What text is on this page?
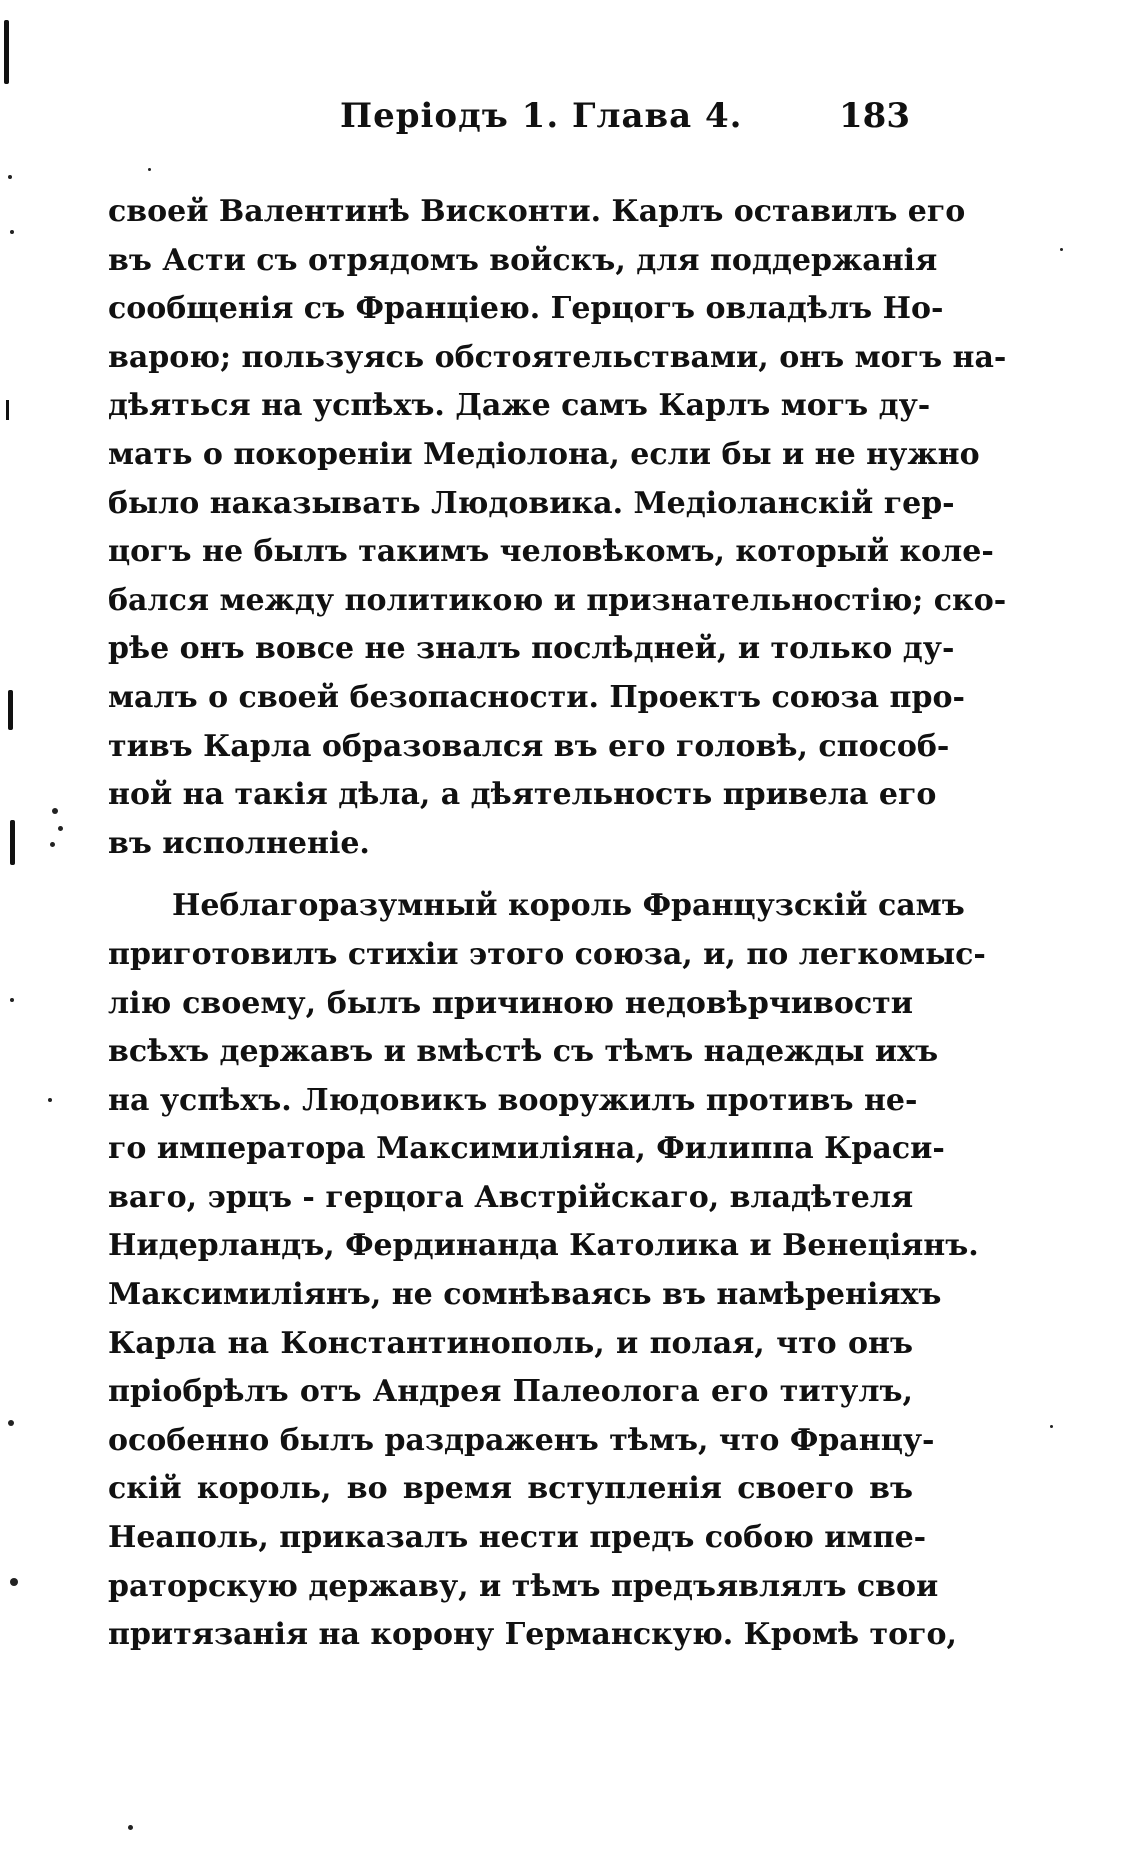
Періодъ 1. Глава 4.	183
своей Валентинѣ Висконти. Карлъ оставилъ его
въ Асти съ отрядомъ войскъ, для поддержанія
сообщенія съ Франціею. Герцогъ овладѣлъ Но-
варою; пользуясь обстоятельствами, онъ могъ на-
дѣяться на успѣхъ. Даже самъ Карлъ могъ ду-
мать о покореніи Медіолона, если бы и не нужно
было наказывать Людовика. Медіоланскій гер-
цогъ не былъ такимъ человѣкомъ, который коле-
бался между политикою и признательностію; ско-
рѣе онъ вовсе не зналъ послѣдней, и только ду-
малъ о своей безопасности. Проектъ союза про-
тивъ Карла образовался въ его головѣ, способ-
ной на такія дѣла, а дѣятельность привела его
въ исполненіе.
Неблагоразумный король Французскій самъ
приготовилъ стихіи этого союза, и, по легкомыс-
лію своему, былъ причиною недовѣрчивости
всѣхъ державъ и вмѣстѣ съ тѣмъ надежды ихъ
на успѣхъ. Людовикъ вооружилъ противъ не-
го императора Максимиліяна, Филиппа Краси-
ваго, эрцъ - герцога Австрійскаго, владѣтеля
Нидерландъ, Фердинанда Католика и Венеціянъ.
Максимиліянъ, не сомнѣваясь въ намѣреніяхъ
Карла на Константинополь, и полая, что онъ
пріобрѣлъ отъ Андрея Палеолога его титулъ,
особенно былъ раздраженъ тѣмъ, что Францу-
скій король, во время вступленія своего въ
Неаполь, приказалъ нести предъ собою импе-
раторскую державу, и тѣмъ предъявлялъ свои
притязанія на корону Германскую. Кромѣ того,
